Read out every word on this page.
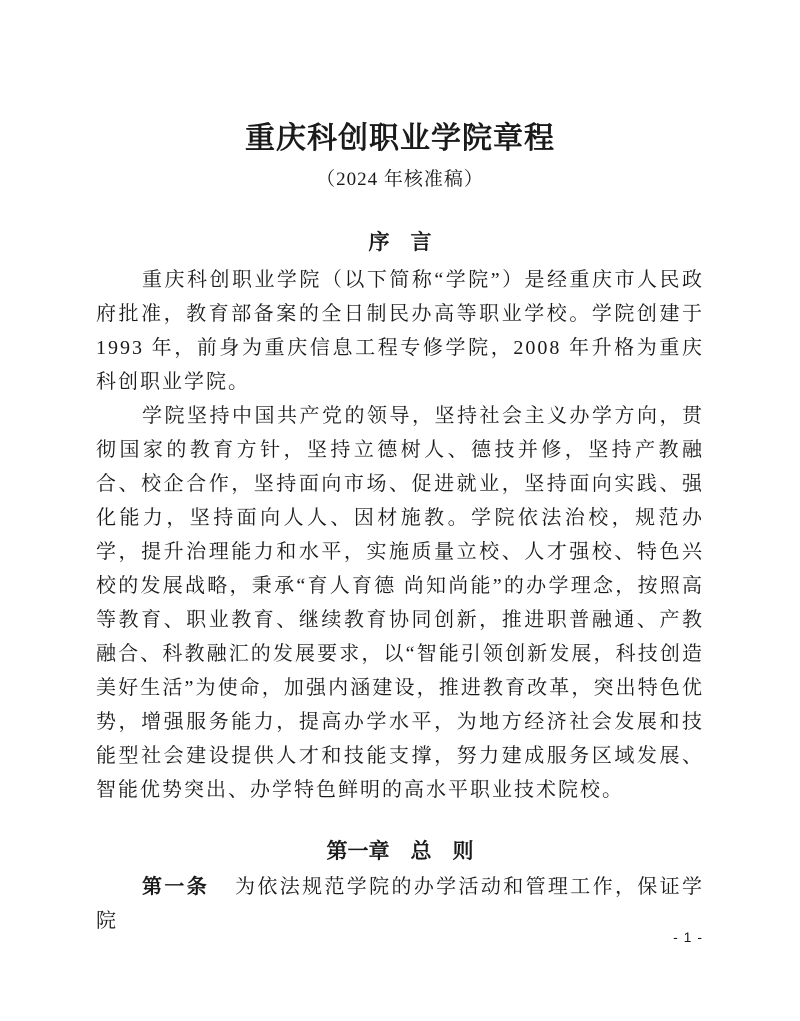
重庆科创职业学院章程
（2024 年核准稿）
序　言

重庆科创职业学院（以下简称“学院”）是经重庆市人民政府批准，教育部备案的全日制民办高等职业学校。学院创建于 1993 年，前身为重庆信息工程专修学院，2008 年升格为重庆科创职业学院。

学院坚持中国共产党的领导，坚持社会主义办学方向，贯彻国家的教育方针，坚持立德树人、德技并修，坚持产教融合、校企合作，坚持面向市场、促进就业，坚持面向实践、强化能力，坚持面向人人、因材施教。学院依法治校，规范办学，提升治理能力和水平，实施质量立校、人才强校、特色兴校的发展战略，秉承“育人育德 尚知尚能”的办学理念，按照高等教育、职业教育、继续教育协同创新，推进职普融通、产教融合、科教融汇的发展要求，以“智能引领创新发展，科技创造美好生活”为使命，加强内涵建设，推进教育改革，突出特色优势，增强服务能力，提高办学水平，为地方经济社会发展和技能型社会建设提供人才和技能支撑，努力建成服务区域发展、智能优势突出、办学特色鲜明的高水平职业技术院校。

第一章　总　则

第一条 为依法规范学院的办学活动和管理工作，保证学院

- 1 -
